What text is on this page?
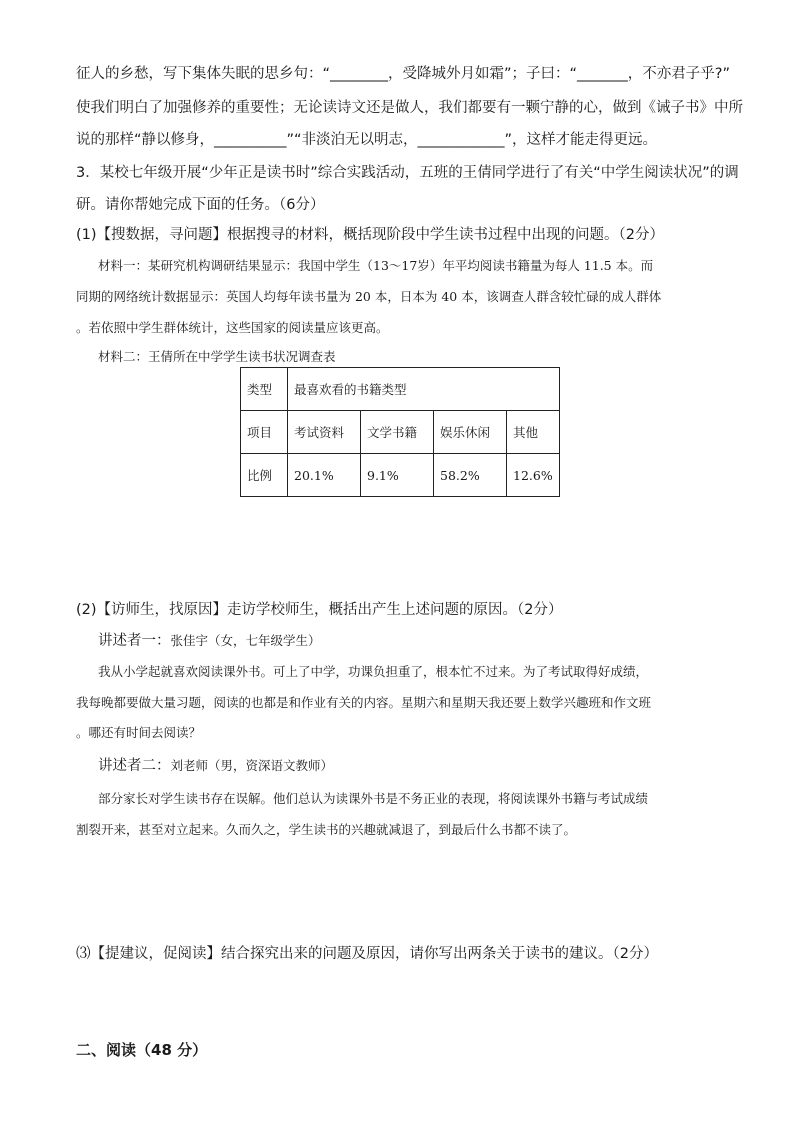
征人的乡愁，写下集体失眠的思乡句：“________，受降城外月如霜”；子曰：“_______，不亦君子乎?”
使我们明白了加强修养的重要性；无论读诗文还是做人，我们都要有一颗宁静的心，做到《诫子书》中所
说的那样“静以修身，__________”“非淡泊无以明志，____________”，这样才能走得更远。
3．某校七年级开展“少年正是读书时”综合实践活动，五班的王倩同学进行了有关“中学生阅读状况”的调
研。请你帮她完成下面的任务。（6分）
(1)【搜数据，寻问题】根据搜寻的材料，概括现阶段中学生读书过程中出现的问题。（2分）
材料一：某研究机构调研结果显示：我国中学生（13～17岁）年平均阅读书籍量为每人 11.5 本。而
同期的网络统计数据显示：英国人均每年读书量为 20 本，日本为 40 本，该调查人群含较忙碌的成人群体
。若依照中学生群体统计，这些国家的阅读量应该更高。
材料二：王倩所在中学学生读书状况调查表
类型	最喜欢看的书籍类型			
项目	考试资料	文学书籍	娱乐休闲	其他
比例	20.1%	9.1%	58.2%	12.6%
(2)【访师生，找原因】走访学校师生，概括出产生上述问题的原因。（2分）
讲述者一：张佳宇（女，七年级学生）
我从小学起就喜欢阅读课外书。可上了中学，功课负担重了，根本忙不过来。为了考试取得好成绩，
我每晚都要做大量习题，阅读的也都是和作业有关的内容。星期六和星期天我还要上数学兴趣班和作文班
。哪还有时间去阅读？
讲述者二：刘老师（男，资深语文教师）
部分家长对学生读书存在误解。他们总认为读课外书是不务正业的表现，将阅读课外书籍与考试成绩
割裂开来，甚至对立起来。久而久之，学生读书的兴趣就减退了，到最后什么书都不读了。
⑶【提建议，促阅读】结合探究出来的问题及原因，请你写出两条关于读书的建议。（2分）
二、阅读（48 分）
